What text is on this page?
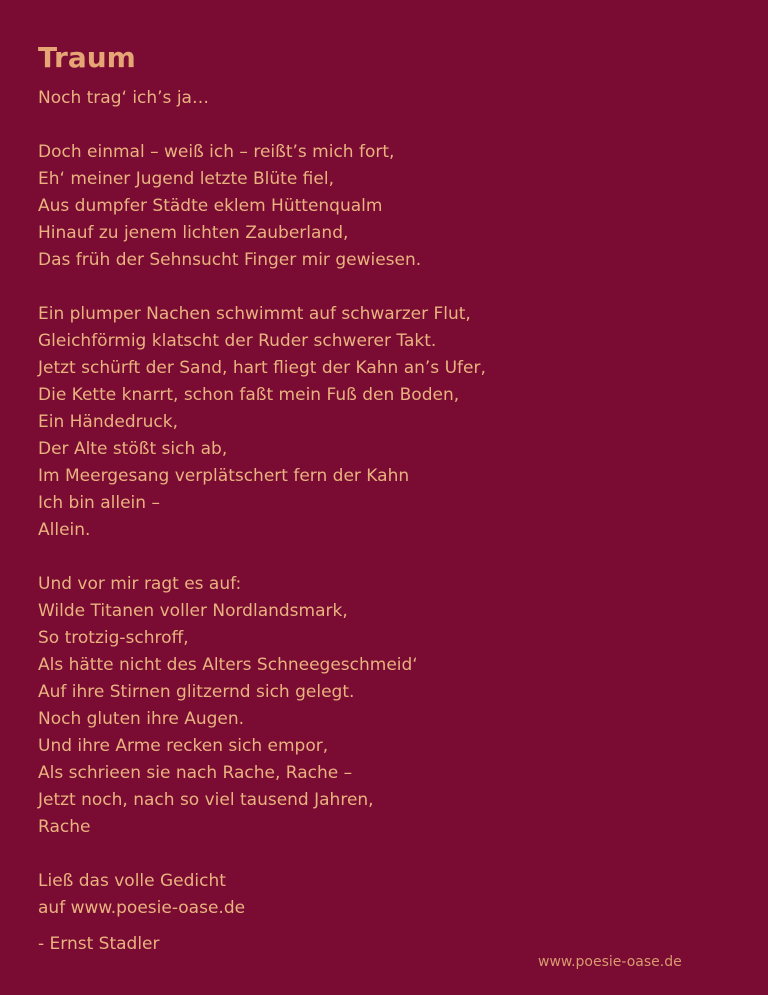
Traum
Noch trag‘ ich’s ja…
Doch einmal – weiß ich – reißt’s mich fort,
Eh‘ meiner Jugend letzte Blüte fiel,
Aus dumpfer Städte eklem Hüttenqualm
Hinauf zu jenem lichten Zauberland,
Das früh der Sehnsucht Finger mir gewiesen.
Ein plumper Nachen schwimmt auf schwarzer Flut,
Gleichförmig klatscht der Ruder schwerer Takt.
Jetzt schürft der Sand, hart fliegt der Kahn an’s Ufer,
Die Kette knarrt, schon faßt mein Fuß den Boden,
Ein Händedruck,
Der Alte stößt sich ab,
Im Meergesang verplätschert fern der Kahn
Ich bin allein –
Allein.
Und vor mir ragt es auf:
Wilde Titanen voller Nordlandsmark,
So trotzig-schroff,
Als hätte nicht des Alters Schneegeschmeid‘
Auf ihre Stirnen glitzernd sich gelegt.
Noch gluten ihre Augen.
Und ihre Arme recken sich empor,
Als schrieen sie nach Rache, Rache –
Jetzt noch, nach so viel tausend Jahren,
Rache
Ließ das volle Gedicht
auf www.poesie-oase.de
- Ernst Stadler
www.poesie-oase.de
